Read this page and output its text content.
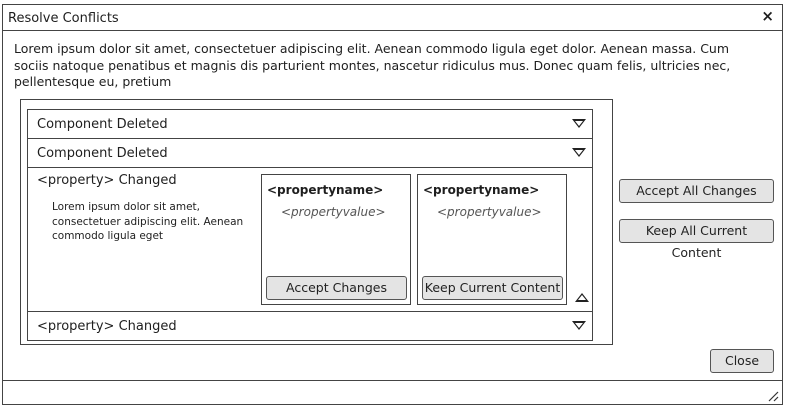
Resolve Conflicts	×
Lorem ipsum dolor sit amet, consectetuer adipiscing elit. Aenean commodo ligula eget dolor. Aenean massa. Cum sociis natoque penatibus et magnis dis parturient montes, nascetur ridiculus mus. Donec quam felis, ultricies nec, pellentesque eu, pretium
Component Deleted
Component Deleted
<property> Changed
Lorem ipsum dolor sit amet, consectetuer adipiscing elit. Aenean commodo ligula eget
<propertyname>
<propertyvalue>
Accept Changes
<propertyname>
<propertyvalue>
Keep Current Content
<property> Changed
Accept All Changes
Keep All Current Content
Close
